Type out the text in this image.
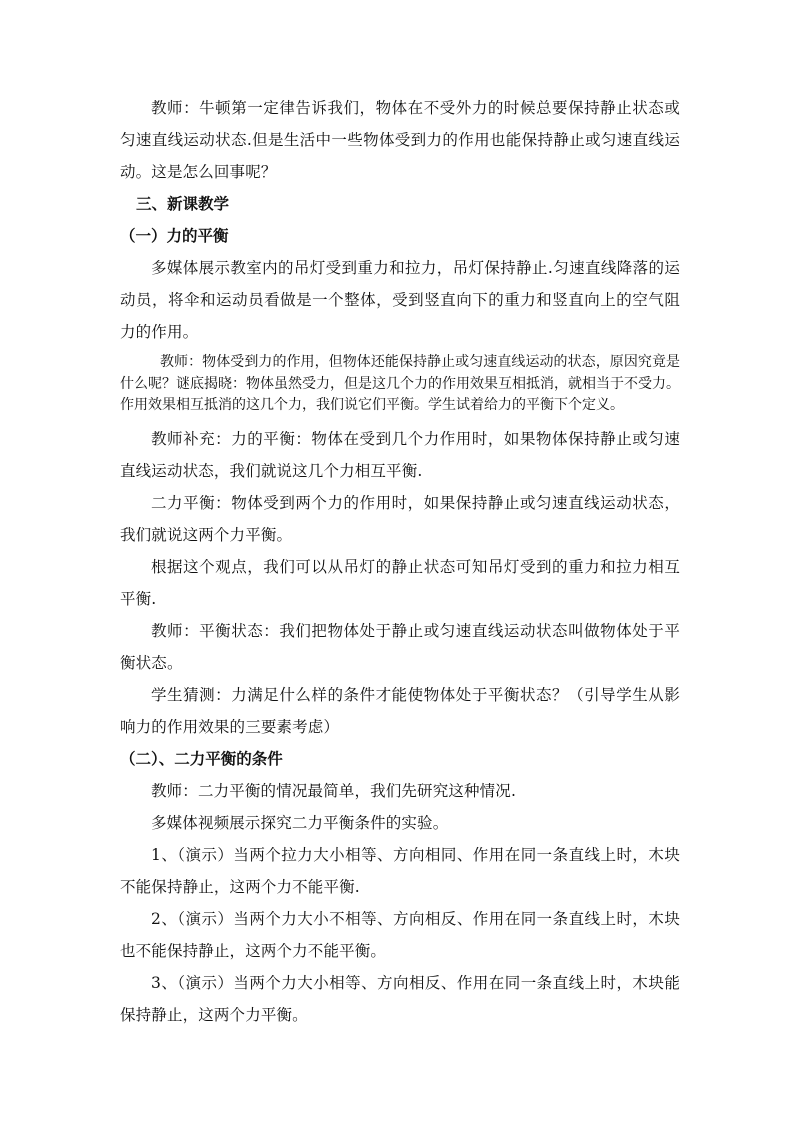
教师：牛顿第一定律告诉我们，物体在不受外力的时候总要保持静止状态或匀速直线运动状态.但是生活中一些物体受到力的作用也能保持静止或匀速直线运动。这是怎么回事呢？

三、新课教学
（一）力的平衡

多媒体展示教室内的吊灯受到重力和拉力，吊灯保持静止.匀速直线降落的运动员，将伞和运动员看做是一个整体，受到竖直向下的重力和竖直向上的空气阻力的作用。

教师：物体受到力的作用，但物体还能保持静止或匀速直线运动的状态，原因究竟是什么呢？谜底揭晓：物体虽然受力，但是这几个力的作用效果互相抵消，就相当于不受力。作用效果相互抵消的这几个力，我们说它们平衡。学生试着给力的平衡下个定义。

教师补充：力的平衡：物体在受到几个力作用时，如果物体保持静止或匀速直线运动状态，我们就说这几个力相互平衡.

二力平衡：物体受到两个力的作用时，如果保持静止或匀速直线运动状态，我们就说这两个力平衡。

根据这个观点，我们可以从吊灯的静止状态可知吊灯受到的重力和拉力相互平衡.

教师：平衡状态：我们把物体处于静止或匀速直线运动状态叫做物体处于平衡状态。

学生猜测：力满足什么样的条件才能使物体处于平衡状态？（引导学生从影响力的作用效果的三要素考虑）

（二）、二力平衡的条件

教师：二力平衡的情况最简单，我们先研究这种情况.

多媒体视频展示探究二力平衡条件的实验。

1、（演示）当两个拉力大小相等、方向相同、作用在同一条直线上时，木块不能保持静止，这两个力不能平衡.

2、（演示）当两个力大小不相等、方向相反、作用在同一条直线上时，木块也不能保持静止，这两个力不能平衡。

3、（演示）当两个力大小相等、方向相反、作用在同一条直线上时，木块能保持静止，这两个力平衡。
